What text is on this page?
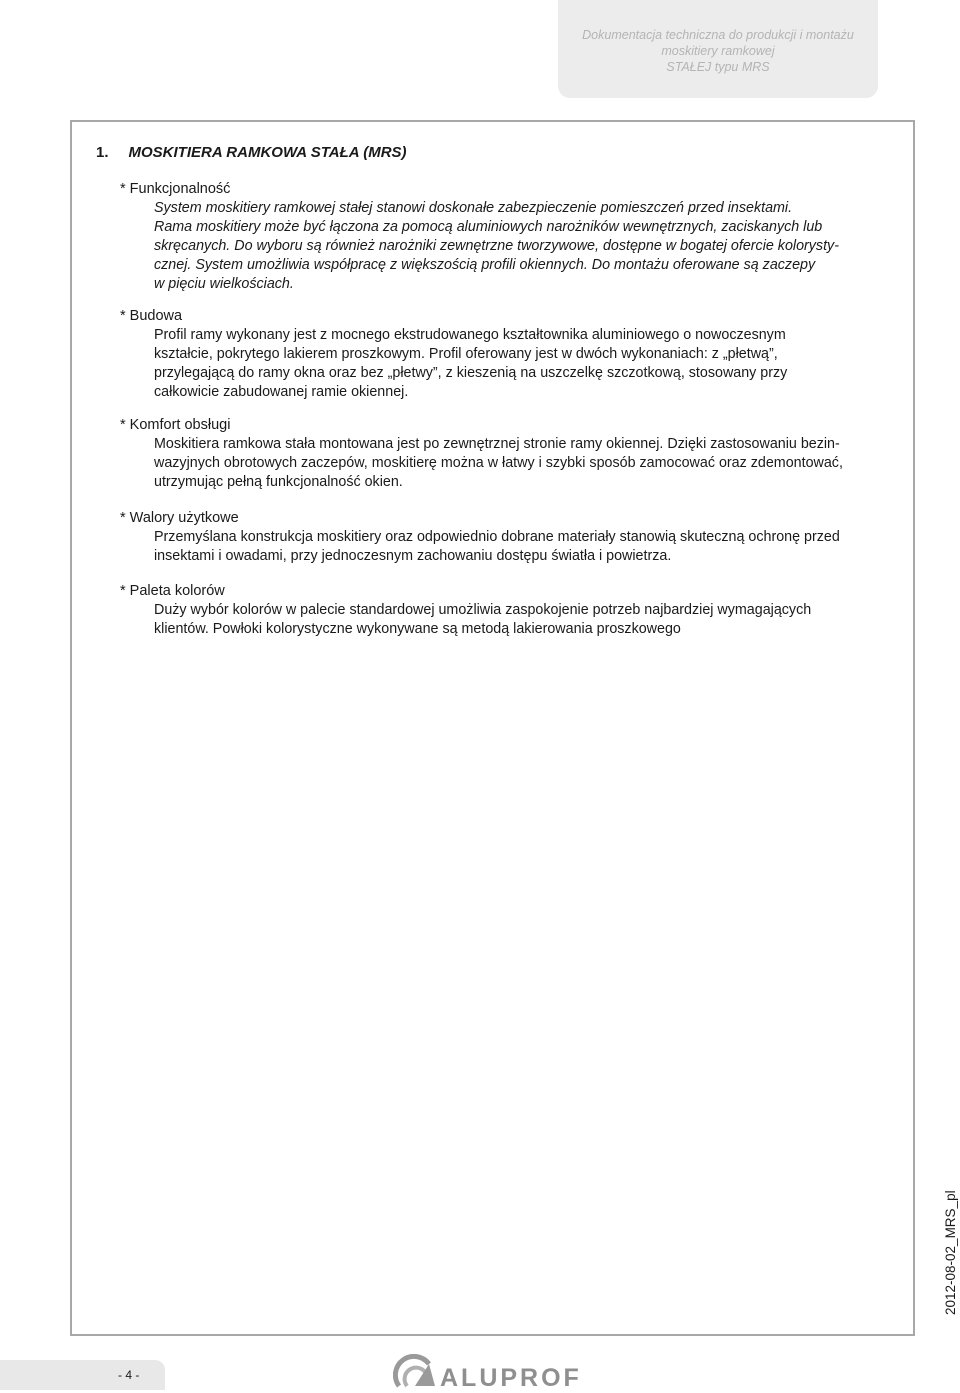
Dokumentacja techniczna do produkcji i montażu
moskitiery ramkowej
STAŁEJ typu MRS
1. MOSKITIERA RAMKOWA STAŁA (MRS)
* Funkcjonalność

System moskitiery ramkowej stałej stanowi doskonałe zabezpieczenie pomieszczeń przed insektami.

Rama moskitiery może być łączona za pomocą aluminiowych narożników wewnętrznych, zaciskanych lub

skręcanych. Do wyboru są również narożniki zewnętrzne tworzywowe, dostępne w bogatej ofercie kolorysty-

cznej. System umożliwia współpracę z większością profili okiennych. Do montażu oferowane są zaczepy

w pięciu wielkościach.

* Budowa

Profil ramy wykonany jest z mocnego ekstrudowanego kształtownika aluminiowego o nowoczesnym

kształcie, pokrytego lakierem proszkowym. Profil oferowany jest w dwóch wykonaniach: z „płetwą”,

przylegającą do ramy okna oraz bez „płetwy”, z kieszenią na uszczelkę szczotkową, stosowany przy

całkowicie zabudowanej ramie okiennej.

* Komfort obsługi

Moskitiera ramkowa stała montowana jest po zewnętrznej stronie ramy okiennej. Dzięki zastosowaniu bezin-

wazyjnych obrotowych zaczepów, moskitierę można w łatwy i szybki sposób zamocować oraz zdemontować,

utrzymując pełną funkcjonalność okien.

* Walory użytkowe

Przemyślana konstrukcja moskitiery oraz odpowiednio dobrane materiały stanowią skuteczną ochronę przed

insektami i owadami, przy jednoczesnym zachowaniu dostępu światła i powietrza.

* Paleta kolorów

Duży wybór kolorów w palecie standardowej umożliwia zaspokojenie potrzeb najbardziej wymagających

klientów. Powłoki kolorystyczne wykonywane są metodą lakierowania proszkowego

2012-08-02_MRS_pl
- 4 -	ALUPROF
